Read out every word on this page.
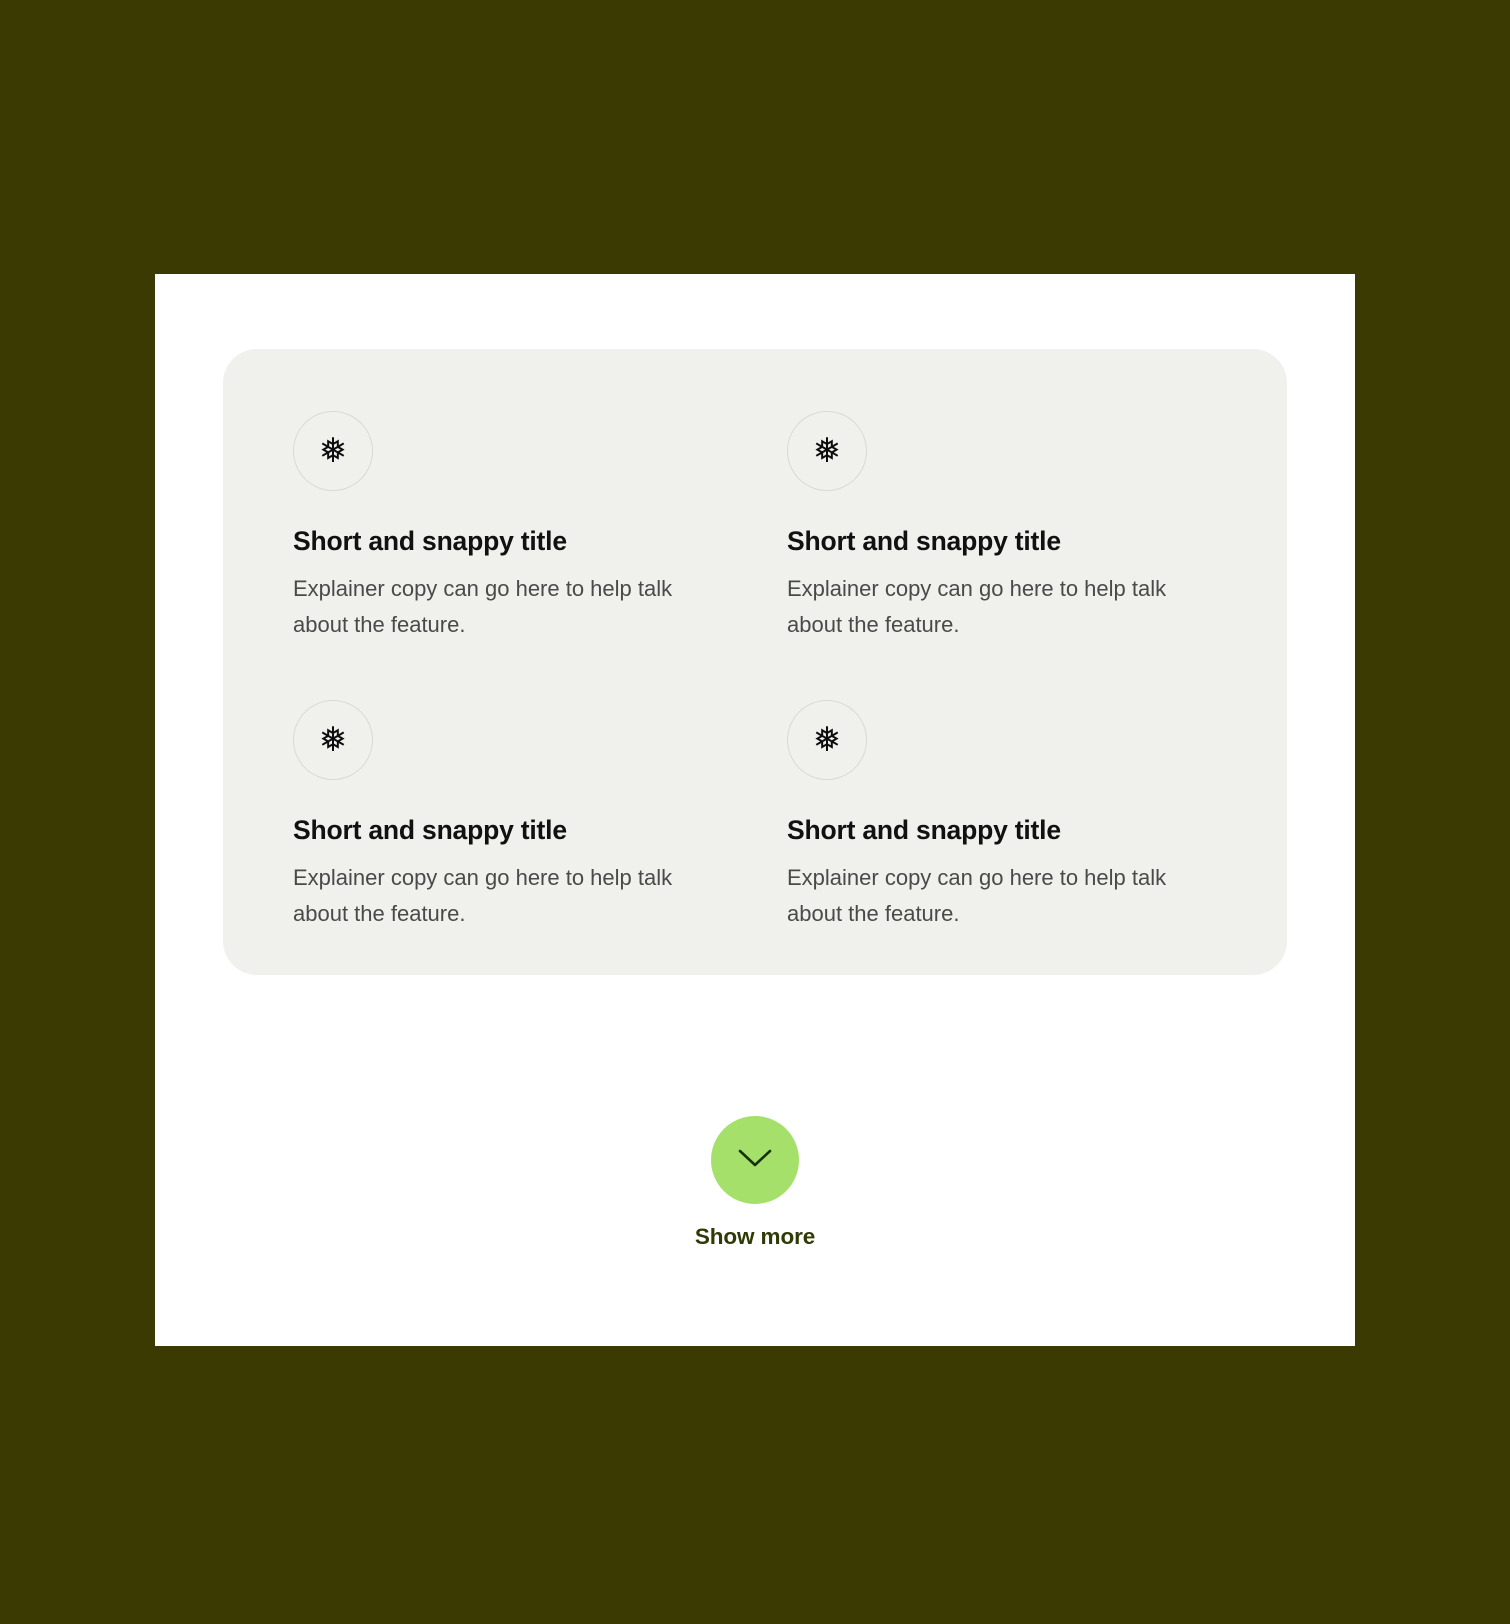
❅
Short and snappy title
Explainer copy can go here to help talk about the feature.
❅
Short and snappy title
Explainer copy can go here to help talk about the feature.
❅
Short and snappy title
Explainer copy can go here to help talk about the feature.
❅
Short and snappy title
Explainer copy can go here to help talk about the feature.
Show more
